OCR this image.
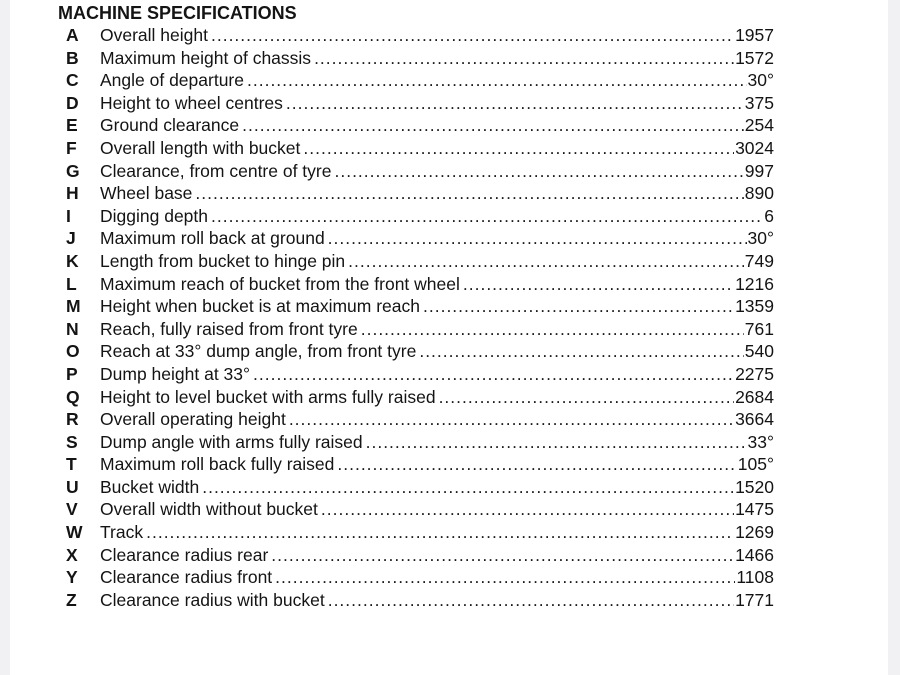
MACHINE SPECIFICATIONS
A	Overall height .....	1957
B	Maximum height of chassis .....	1572
C	Angle of departure .....	30°
D	Height to wheel centres .....	375
E	Ground clearance .....	254
F	Overall length with bucket .....	3024
G	Clearance, from centre of tyre .....	997
H	Wheel base .....	890
I	Digging depth .....	6
J	Maximum roll back at ground .....	30°
K	Length from bucket to hinge pin .....	749
L	Maximum reach of bucket from the front wheel .....	1216
M	Height when bucket is at maximum reach .....	1359
N	Reach, fully raised from front tyre .....	761
O	Reach at 33° dump angle, from front tyre .....	540
P	Dump height at 33° .....	2275
Q	Height to level bucket with arms fully raised .....	2684
R	Overall operating height .....	3664
S	Dump angle with arms fully raised .....	33°
T	Maximum roll back fully raised .....	105°
U	Bucket width .....	1520
V	Overall width without bucket .....	1475
W Track .....	1269
X	Clearance radius rear .....	1466
Y	Clearance radius front .....	1108
Z	Clearance radius with bucket .....	1771
